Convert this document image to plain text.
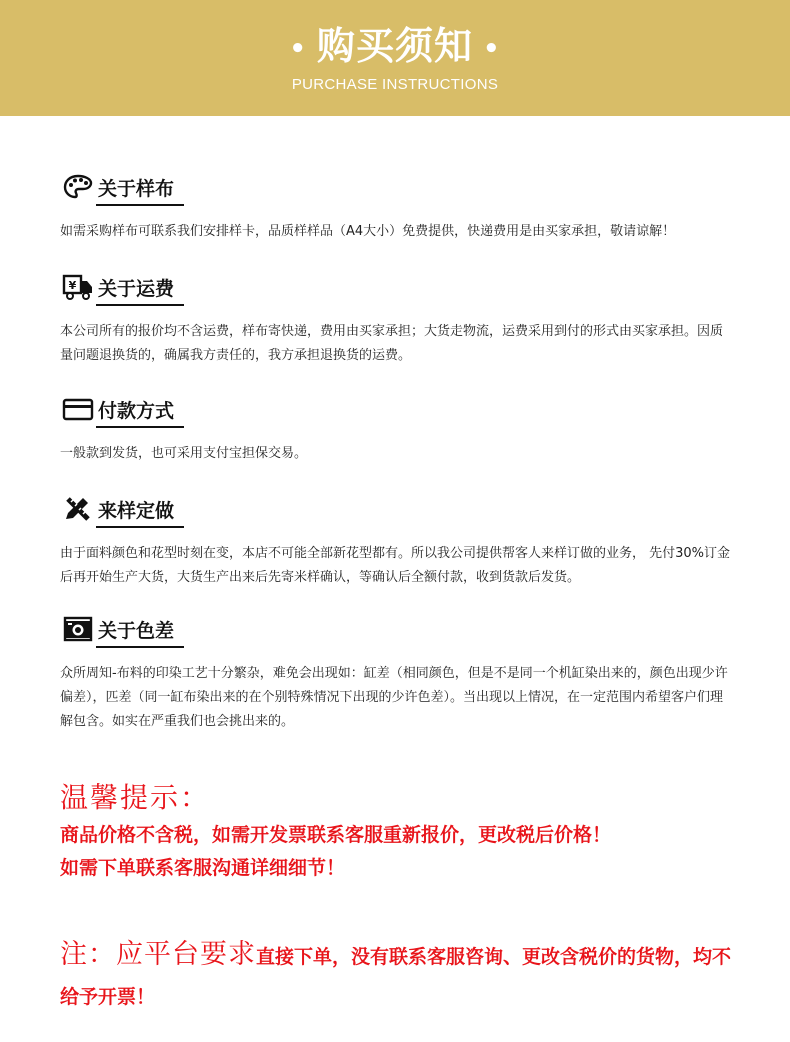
• 购买须知 •
PURCHASE INSTRUCTIONS
关于样布
如需采购样布可联系我们安排样卡，品质样样品（A4大小）免费提供，快递费用是由买家承担，敬请谅解！
¥ 关于运费
本公司所有的报价均不含运费，样布寄快递，费用由买家承担；大货走物流，运费采用到付的形式由买家承担。因质量问题退换货的，确属我方责任的，我方承担退换货的运费。
付款方式
一般款到发货，也可采用支付宝担保交易。
来样定做
由于面料颜色和花型时刻在变，本店不可能全部新花型都有。所以我公司提供帮客人来样订做的业务， 先付30%订金后再开始生产大货，大货生产出来后先寄米样确认，等确认后全额付款，收到货款后发货。
关于色差
众所周知-布料的印染工艺十分繁杂，难免会出现如：缸差（相同颜色，但是不是同一个机缸染出来的，颜色出现少许偏差），匹差（同一缸布染出来的在个别特殊情况下出现的少许色差）。当出现以上情况，在一定范围内希望客户们理解包含。如实在严重我们也会挑出来的。
温馨提示：
商品价格不含税，如需开发票联系客服重新报价，更改税后价格！
如需下单联系客服沟通详细细节！
注：应平台要求直接下单，没有联系客服咨询、更改含税价的货物，均不给予开票！
